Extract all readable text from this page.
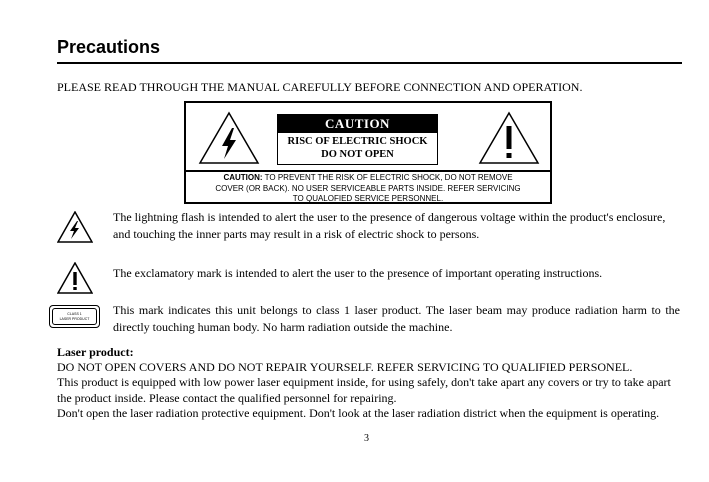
Precautions
PLEASE READ THROUGH THE MANUAL CAREFULLY BEFORE CONNECTION AND OPERATION.
CAUTION
RISC OF ELECTRIC SHOCK
DO NOT OPEN
CAUTION: TO PREVENT THE RISK OF ELECTRIC SHOCK, DO NOT REMOVE
COVER (OR BACK). NO USER SERVICEABLE PARTS INSIDE. REFER SERVICING
TO QUALOFIED SERVICE PERSONNEL.
The lightning flash is intended to alert the user to the presence of dangerous voltage within the product's enclosure,
and touching the inner parts may result in a risk of electric shock to persons.
The exclamatory mark is intended to alert the user to the presence of important operating instructions.
CLASS 1
LASER PRODUCT
This mark indicates this unit belongs to class 1 laser product. The laser beam may produce radiation harm to the directly touching human body. No harm radiation outside the machine.
Laser product:
DO NOT OPEN COVERS AND DO NOT REPAIR YOURSELF. REFER SERVICING TO QUALIFIED PERSONEL.
This product is equipped with low power laser equipment inside, for using safely, don't take apart any covers or try to take apart
the product inside. Please contact the qualified personnel for repairing.
Don't open the laser radiation protective equipment. Don't look at the laser radiation district when the equipment is operating.
3
